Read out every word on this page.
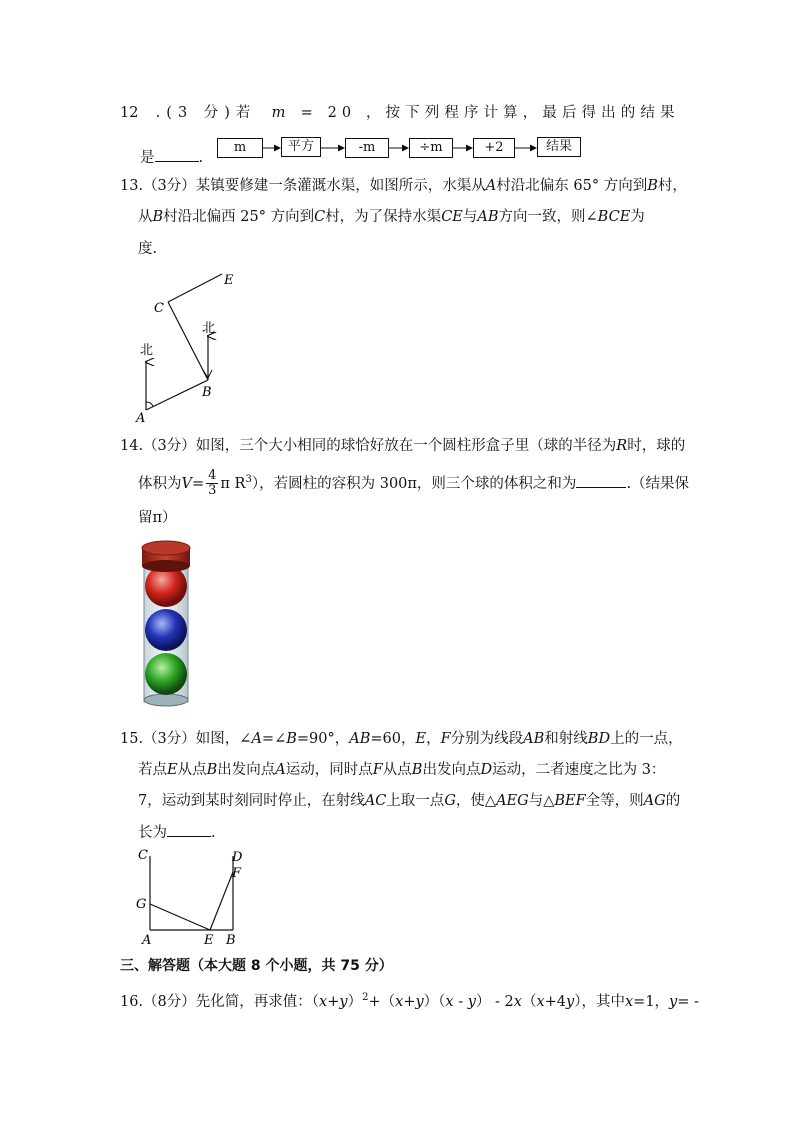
12 .(3 分)若 m = 20 ，按下列程序计算，最后得出的结果
是	.
m	平方	-m	÷m	+2	结果
13.（3分）某镇要修建一条灌溉水渠，如图所示，水渠从A村沿北偏东 65° 方向到B村，
从B村沿北偏西 25° 方向到C村，为了保持水渠CE与AB方向一致，则∠BCE为
度.
E
C
北
北
B
A
14.（3分）如图，三个大小相同的球恰好放在一个圆柱形盒子里（球的半径为R时，球的
体积为$V= \frac{4}{3}$ π $R^3$），若圆柱的容积为 300π，则三个球的体积之和为	.（结果保
留π）
15.（3分）如图，∠A=∠B=90°，AB=60，E，F分别为线段AB和射线BD上的一点，
若点E从点B出发向点A运动，同时点F从点B出发向点D运动，二者速度之比为 3：
7，运动到某时刻同时停止，在射线AC上取一点G，使△AEG与△BEF全等，则AG的
长为	.
C	D
F
G
A	E B
三、解答题（本大题 8 个小题，共 75 分）
16.（8分）先化简，再求值：$(x+y)^2+(x+y)(x - y) - 2x(x+4y)$，其中x=1，y= -
